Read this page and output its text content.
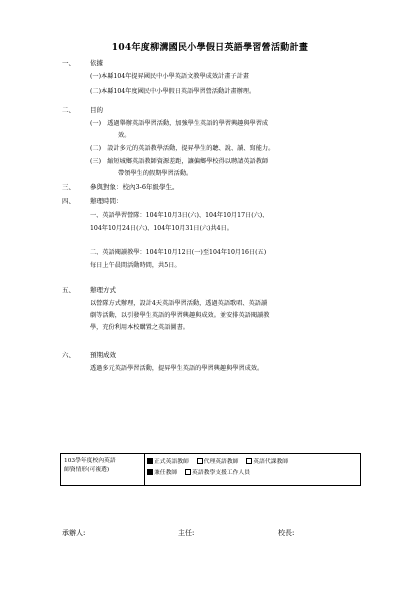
104年度柳溝國民小學假日英語學習營活動計畫
一、 依據
(一)本縣104年提昇國民中小學英語文教學成效計畫子計畫
(二)本縣104年度國民中小學假日英語學習營活動計畫辦理。
二、 目的
(一)　透過舉辦英語學習活動，加強學生英語的學習興趣與學習成
效。
(二)　設計多元的英語教學活動，提昇學生的聽、說、讀、寫能力。
(三)　縮短城鄉英語教師資源差距，讓偏鄉學校得以聘請英語教師
帶領學生的假期學習活動。
三、 參與對象：校內3-6年級學生。
四、 辦理時間：
一、英語學習營隊：104年10月3日(六)、104年10月17日(六)、
104年10月24日(六)、104年10月31日(六)共4日。
二、英語閱讀教學：104年10月12日(一)至104年10月16日(五)
每日上午晨間活動時間，共5日。
五、 辦理方式
以營隊方式辦理，設計4天英語學習活動，透過英語歌唱、英語讀
劇等活動，以引發學生英語的學習興趣與成效。並安排英語閱讀教
學，充份利用本校購置之英語圖書。
六、 預期成效
透過多元英語學習活動，提昇學生英語的學習興趣與學習成效。
103學年度校內英語
師資情形(可複選)
正式英語教師	代理英語教師	英語代課教師
兼任教師	英語教學支援工作人員
承辦人:	主任:	校長:
